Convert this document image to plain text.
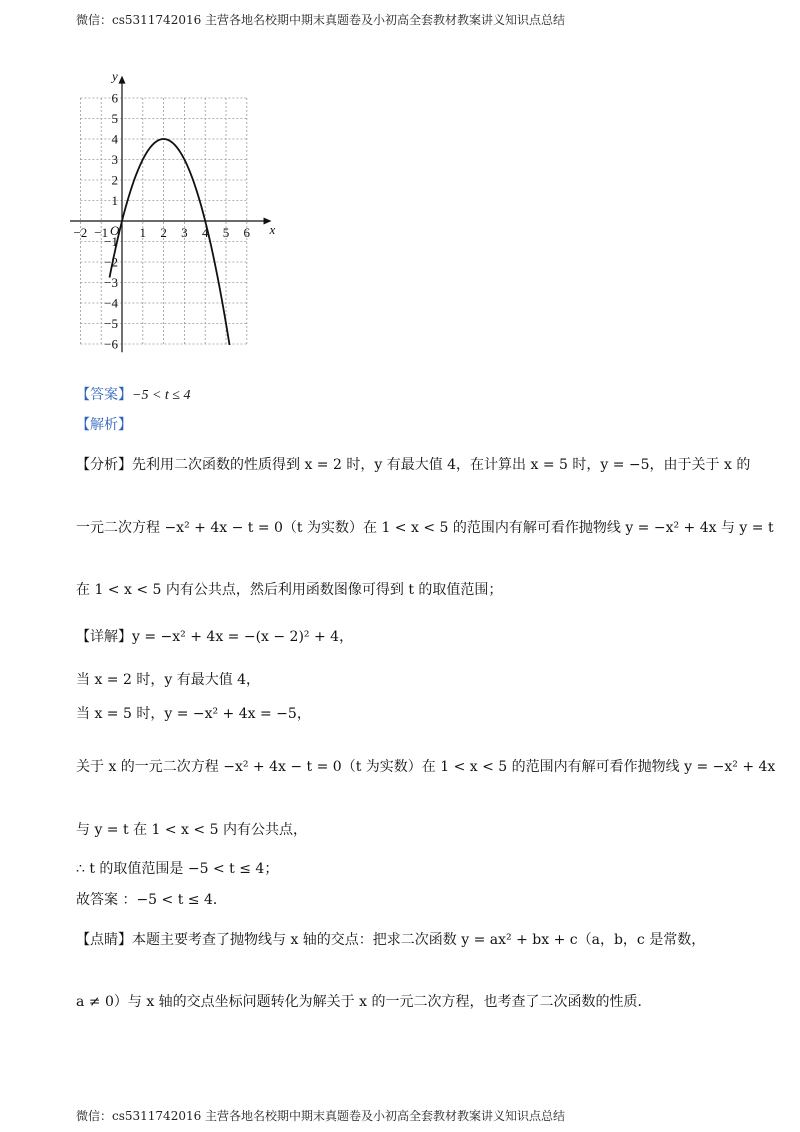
微信：cs5311742016 主营各地名校期中期末真题卷及小初高全套教材教案讲义知识点总结
x
y
O
−2 −1 1 2 3 4 5 6
6
5
4
3
2
1
−1
−2
−3
−4
−5
−6
【答案】−5 < t ≤ 4
【解析】
【分析】先利用二次函数的性质得到 x = 2 时，y 有最大值 4，在计算出 x = 5 时，y = −5，由于关于 x 的
一元二次方程 −x² + 4x − t = 0（t 为实数）在 1 < x < 5 的范围内有解可看作抛物线 y = −x² + 4x 与 y = t
在 1 < x < 5 内有公共点，然后利用函数图像可得到 t 的取值范围；
【详解】y = −x² + 4x = −(x − 2)² + 4，
当 x = 2 时，y 有最大值 4，
当 x = 5 时，y = −x² + 4x = −5，
关于 x 的一元二次方程 −x² + 4x − t = 0（t 为实数）在 1 < x < 5 的范围内有解可看作抛物线 y = −x² + 4x
与 y = t 在 1 < x < 5 内有公共点，
∴ t 的取值范围是 −5 < t ≤ 4；
故答案 ：−5 < t ≤ 4．
【点睛】本题主要考查了抛物线与 x 轴的交点：把求二次函数 y = ax² + bx + c（a，b，c 是常数，
a ≠ 0）与 x 轴的交点坐标问题转化为解关于 x 的一元二次方程，也考查了二次函数的性质．
微信：cs5311742016 主营各地名校期中期末真题卷及小初高全套教材教案讲义知识点总结
